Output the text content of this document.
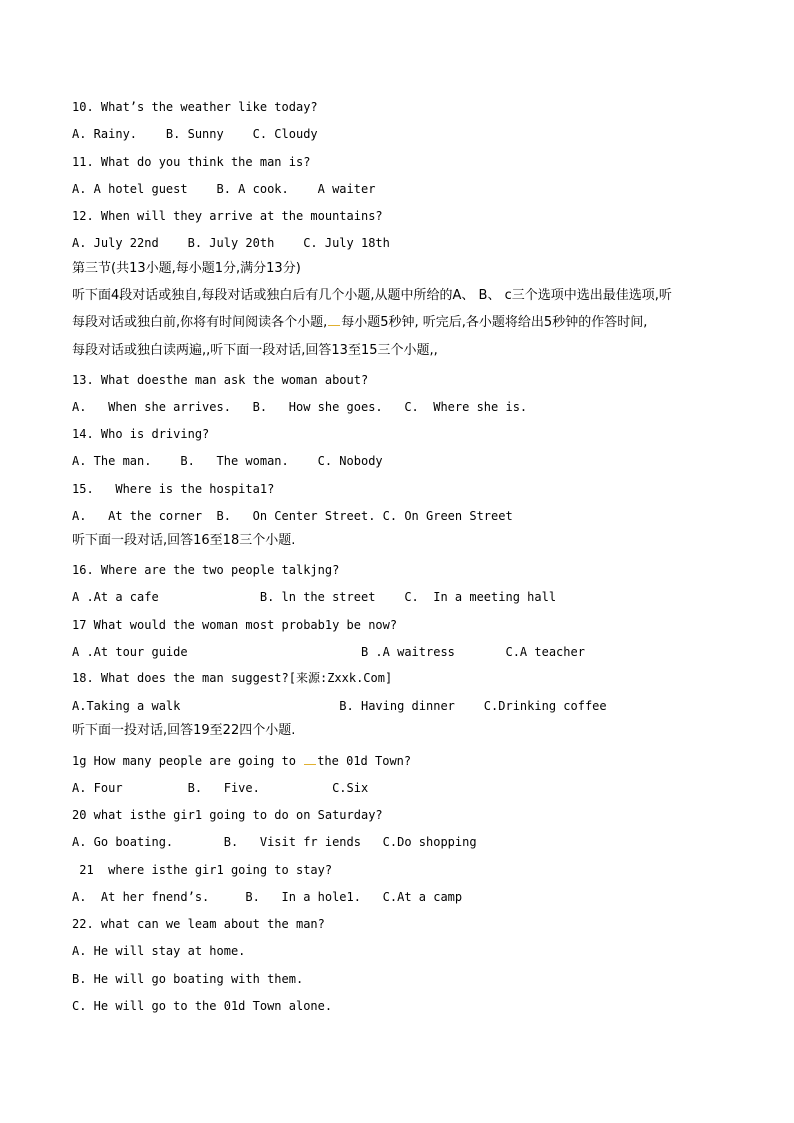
10. What’s the weather like today?
A. Rainy.    B. Sunny    C. Cloudy
11. What do you think the man is?
A. A hotel guest    B. A cook.    A waiter
12. When will they arrive at the mountains?
A. July 22nd    B. July 20th    C. July 18th
第三节(共13小题,每小题1分,满分13分)
听下面4段对话或独自,每段对话或独白后有几个小题,从题中所给的A、 B、 c三个选项中选出最佳选项,听
每段对话或独白前,你将有时间阅读各个小题, 每小题5秒钟, 听完后,各小题将给出5秒钟的作答时间,
每段对话或独白读两遍,,听下面一段对话,回答13至15三个小题,,
13. What doesthe man ask the woman about?
A.   When she arrives.   B.   How she goes.   C.  Where she is.
14. Who is driving?
A. The man.    B.   The woman.    C. Nobody
15.   Where is the hospita1?
A.   At the corner  B.   On Center Street. C. On Green Street
听下面一段对话,回答16至18三个小题.
16. Where are the two people talkjng?
A .At a cafe              B. ln the street    C.  In a meeting hall
17 What would the woman most probab1y be now?
A .At tour guide                        B .A waitress       C.A teacher
18. What does the man suggest?[来源:Zxxk.Com]
A.Taking a walk                      B. Having dinner    C.Drinking coffee
听下面一投对话,回答19至22四个小题.
1g How many people are going to the 01d Town?
A. Four         B.   Five.          C.Six
20 what isthe gir1 going to do on Saturday?
A. Go boating.       B.   Visit fr iends   C.Do shopping
21  where isthe gir1 going to stay?
A.  At her fnend’s.     B.   In a hole1.   C.At a camp
22. what can we leam about the man?
A. He will stay at home.
B. He will go boating with them.
C. He will go to the 01d Town alone.
